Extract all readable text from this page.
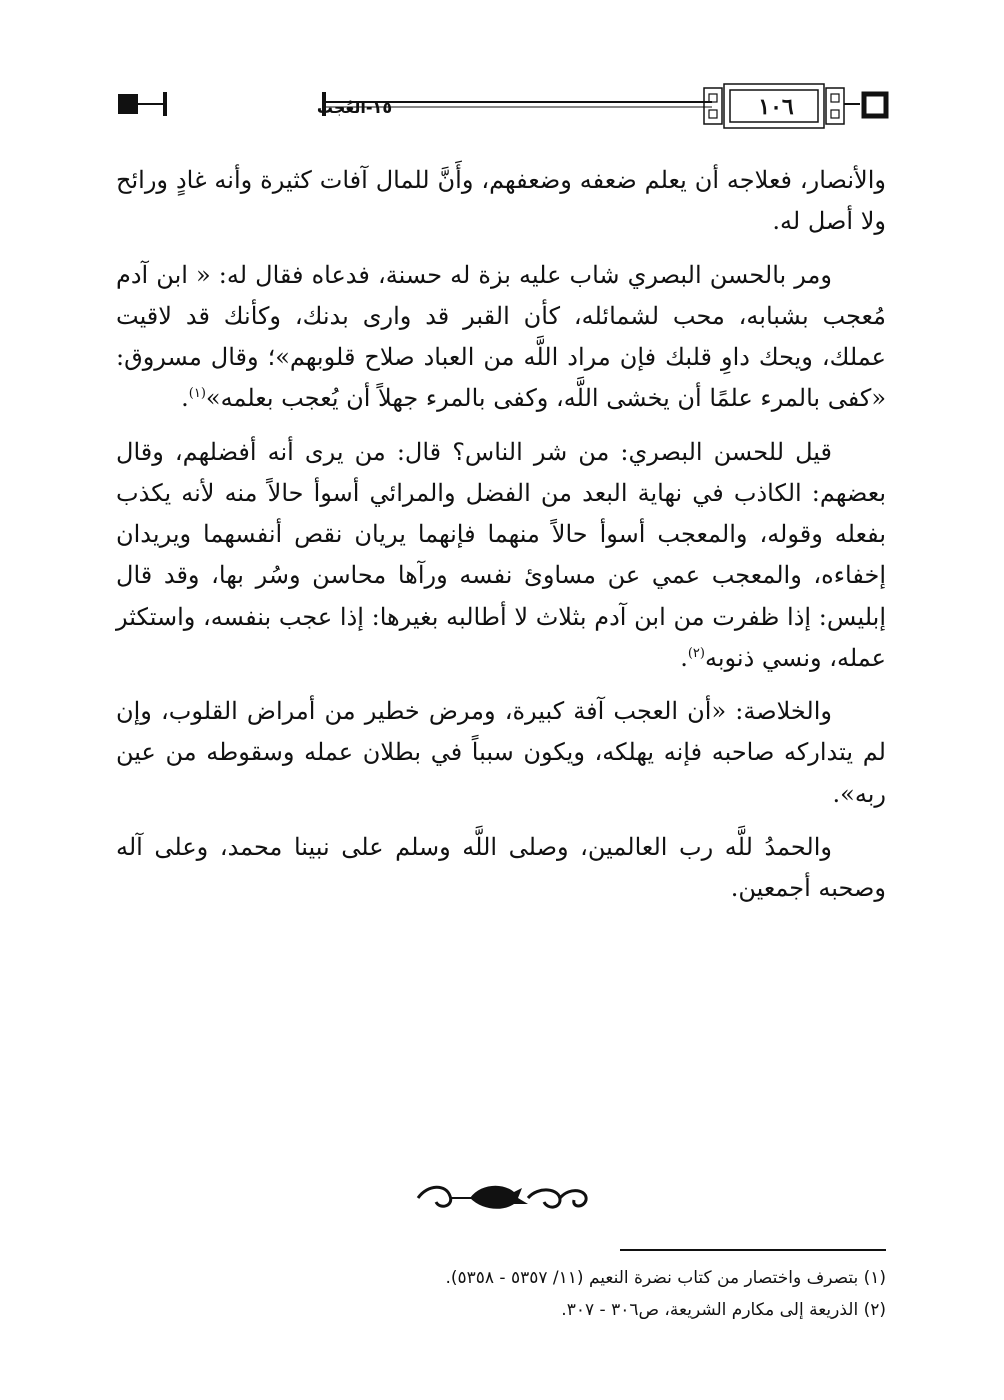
١٥-العُجب	١٠٦

والأنصار، فعلاجه أن يعلم ضعفه وضعفهم، وأَنَّ للمال آفات كثيرة وأنه غادٍ ورائح ولا أصل له.

ومر بالحسن البصري شاب عليه بزة له حسنة، فدعاه فقال له: « ابن آدم مُعجب بشبابه، محب لشمائله، كأن القبر قد وارى بدنك، وكأنك قد لاقيت عملك، ويحك داوِ قلبك فإن مراد اللَّه من العباد صلاح قلوبهم»؛ وقال مسروق: «كفى بالمرء علمًا أن يخشى اللَّه، وكفى بالمرء جهلاً أن يُعجب بعلمه»$^{(١)}$.

قيل للحسن البصري: من شر الناس؟ قال: من يرى أنه أفضلهم، وقال بعضهم: الكاذب في نهاية البعد من الفضل والمرائي أسوأ حالاً منه لأنه يكذب بفعله وقوله، والمعجب أسوأ حالاً منهما فإنهما يريان نقص أنفسهما ويريدان إخفاءه، والمعجب عمي عن مساوئ نفسه ورآها محاسن وسُر بها، وقد قال إبليس: إذا ظفرت من ابن آدم بثلاث لا أطالبه بغيرها: إذا عجب بنفسه، واستكثر عمله، ونسي ذنوبه$^{(٢)}$.

والخلاصة: «أن العجب آفة كبيرة، ومرض خطير من أمراض القلوب، وإن لم يتداركه صاحبه فإنه يهلكه، ويكون سبباً في بطلان عمله وسقوطه من عين ربه».

والحمدُ للَّه رب العالمين، وصلى اللَّه وسلم على نبينا محمد، وعلى آله وصحبه أجمعين.

(١) بتصرف واختصار من كتاب نضرة النعيم (١١/ ٥٣٥٧ - ٥٣٥٨).
(٢) الذريعة إلى مكارم الشريعة، ص٣٠٦ - ٣٠٧.
